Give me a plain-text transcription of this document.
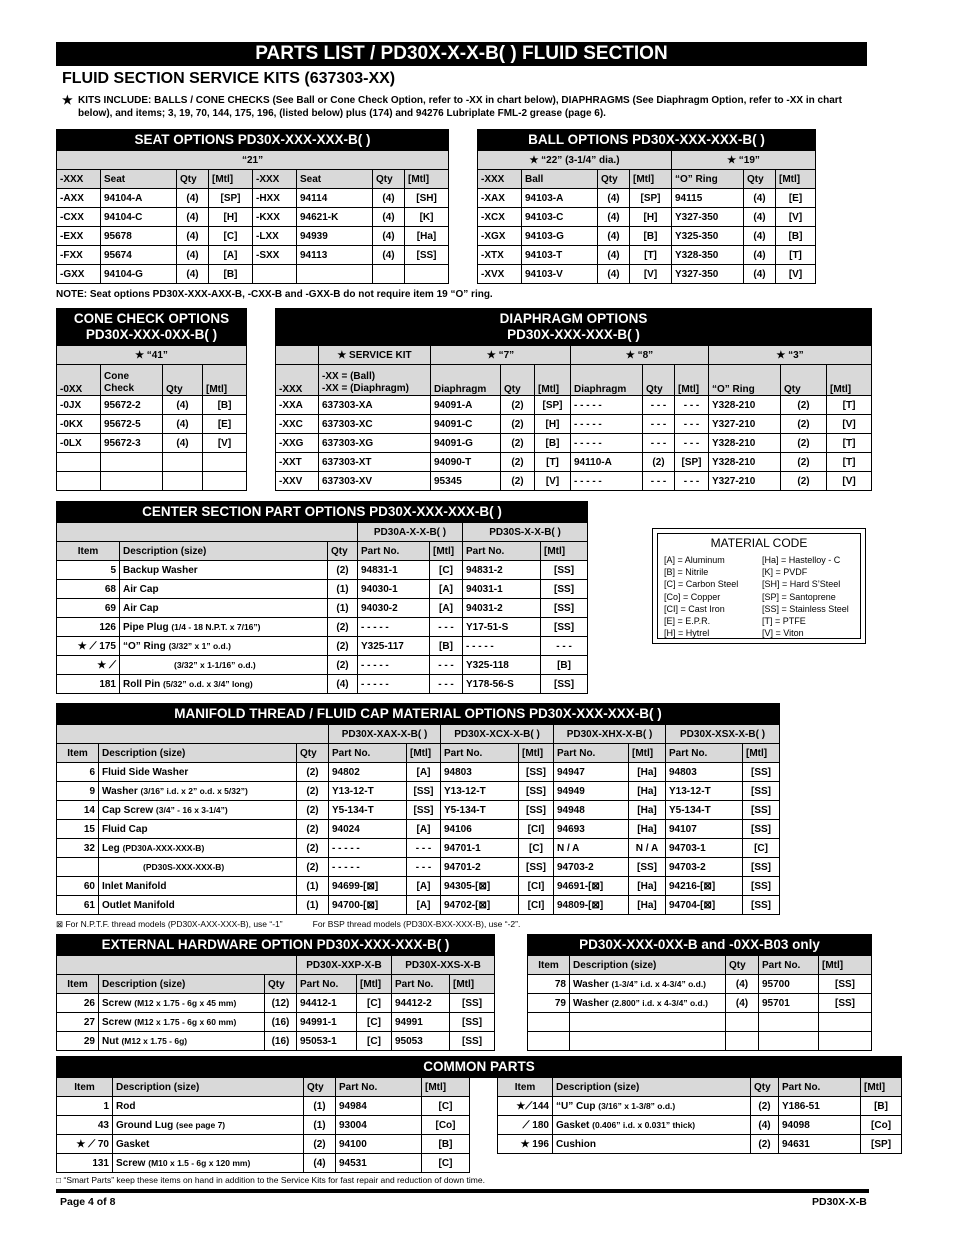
PARTS LIST / PD30X-X-X-B( ) FLUID SECTION
FLUID SECTION SERVICE KITS (637303-XX)
★ KITS INCLUDE: BALLS / CONE CHECKS (See Ball or Cone Check Option, refer to -XX in chart below), DIAPHRAGMS (See Diaphragm Option, refer to -XX in chart below), and items; 3, 19, 70, 144, 175, 196, (listed below) plus (174) and 94276 Lubriplate FML-2 grease (page 6).
SEAT OPTIONS PD30X-XXX-XXX-B( )							
“21”							
-XXX	Seat	Qty	[Mtl]	-XXX	Seat	Qty	[Mtl]
-AXX	94104-A	(4)	[SP]	-HXX	94114	(4)	[SH]
-CXX	94104-C	(4)	[H]	-KXX	94621-K	(4)	[K]
-EXX	95678	(4)	[C]	-LXX	94939	(4)	[Ha]
-FXX	95674	(4)	[A]	-SXX	94113	(4)	[SS]
-GXX	94104-G	(4)	[B]				
BALL OPTIONS PD30X-XXX-XXX-B( )						
★ “22” (3-1/4” dia.)				★ “19”		
-XXX	Ball	Qty	[Mtl]	“O” Ring	Qty	[Mtl]
-XAX	94103-A	(4)	[SP]	94115	(4)	[E]
-XCX	94103-C	(4)	[H]	Y327-350	(4)	[V]
-XGX	94103-G	(4)	[B]	Y325-350	(4)	[B]
-XTX	94103-T	(4)	[T]	Y328-350	(4)	[T]
-XVX	94103-V	(4)	[V]	Y327-350	(4)	[V]
NOTE: Seat options PD30X-XXX-AXX-B, -CXX-B and -GXX-B do not require item 19 “O” ring.
CONE CHECK OPTIONS
PD30X-XXX-0XX-B( )			
★ “41”			
-0XX	Cone Check	Qty	[Mtl]
-0JX	95672-2	(4)	[B]
-0KX	95672-5	(4)	[E]
-0LX	95672-3	(4)	[V]

DIAPHRAGM OPTIONS
PD30X-XXX-XXX-B( )										
	★ SERVICE KIT	★ “7”			★ “8”			★ “3”		
-XXX	-XX = (Ball)
-XX = (Diaphragm)	Diaphragm	Qty	[Mtl]	Diaphragm	Qty	[Mtl]	“O” Ring	Qty	[Mtl]
-XXA	637303-XA	94091-A	(2)	[SP]	- - - - -	- - -	- - -	Y328-210	(2)	[T]
-XXC	637303-XC	94091-C	(2)	[H]	- - - - -	- - -	- - -	Y327-210	(2)	[V]
-XXG	637303-XG	94091-G	(2)	[B]	- - - - -	- - -	- - -	Y328-210	(2)	[T]
-XXT	637303-XT	94090-T	(2)	[T]	94110-A	(2)	[SP]	Y328-210	(2)	[T]
-XXV	637303-XV	95345	(2)	[V]	- - - - -	- - -	- - -	Y327-210	(2)	[V]
CENTER SECTION PART OPTIONS PD30X-XXX-XXX-B( )						
			PD30A-X-X-B( )		PD30S-X-X-B( )	
Item	Description (size)	Qty	Part No.	[Mtl]	Part No.	[Mtl]
5	Backup Washer	(2)	94831-1	[C]	94831-2	[SS]
68	Air Cap	(1)	94030-1	[A]	94031-1	[SS]
69	Air Cap	(1)	94030-2	[A]	94031-2	[SS]
126	Pipe Plug (1/4 - 18 N.P.T. x 7/16”)	(2)	- - - - -	- - -	Y17-51-S	[SS]
★ ⟋ 175	“O” Ring (3/32” x 1” o.d.)	(2)	Y325-117	[B]	- - - - -	- - -
★ ⟋	(3/32” x 1-1/16” o.d.)	(2)	- - - - -	- - -	Y325-118	[B]
181	Roll Pin (5/32” o.d. x 3/4” long)	(4)	- - - - -	- - -	Y178-56-S	[SS]
MATERIAL CODE
[A] = Aluminum
[B] = Nitrile
[C] = Carbon Steel
[Co] = Copper
[CI] = Cast Iron
[E] = E.P.R.
[H] = Hytrel
[Ha] = Hastelloy - C
[K] = PVDF
[SH] = Hard S’Steel
[SP] = Santoprene
[SS] = Stainless Steel
[T] = PTFE
[V] = Viton
MANIFOLD THREAD / FLUID CAP MATERIAL OPTIONS PD30X-XXX-XXX-B( )										
			PD30X-XAX-X-B( )		PD30X-XCX-X-B( )		PD30X-XHX-X-B( )		PD30X-XSX-X-B( )	
Item	Description (size)	Qty	Part No.	[Mtl]	Part No.	[Mtl]	Part No.	[Mtl]	Part No.	[Mtl]
6	Fluid Side Washer	(2)	94802	[A]	94803	[SS]	94947	[Ha]	94803	[SS]
9	Washer (3/16” i.d. x 2” o.d. x 5/32”)	(2)	Y13-12-T	[SS]	Y13-12-T	[SS]	94949	[Ha]	Y13-12-T	[SS]
14	Cap Screw (3/4” - 16 x 3-1/4”)	(2)	Y5-134-T	[SS]	Y5-134-T	[SS]	94948	[Ha]	Y5-134-T	[SS]
15	Fluid Cap	(2)	94024	[A]	94106	[CI]	94693	[Ha]	94107	[SS]
32	Leg (PD30A-XXX-XXX-B)	(2)	- - - - -	- - -	94701-1	[C]	N / A	N / A	94703-1	[C]
	(PD30S-XXX-XXX-B)	(2)	- - - - -	- - -	94701-2	[SS]	94703-2	[SS]	94703-2	[SS]
60	Inlet Manifold	(1)	94699-[⊠]	[A]	94305-[⊠]	[CI]	94691-[⊠]	[Ha]	94216-[⊠]	[SS]
61	Outlet Manifold	(1)	94700-[⊠]	[A]	94702-[⊠]	[CI]	94809-[⊠]	[Ha]	94704-[⊠]	[SS]
⊠ For N.P.T.F. thread models (PD30X-AXX-XXX-B), use “-1”	For BSP thread models (PD30X-BXX-XXX-B), use “-2”.
EXTERNAL HARDWARE OPTION PD30X-XXX-XXX-B( )						
			PD30X-XXP-X-B		PD30X-XXS-X-B	
Item	Description (size)	Qty	Part No.	[Mtl]	Part No.	[Mtl]
26	Screw (M12 x 1.75 - 6g x 45 mm)	(12)	94412-1	[C]	94412-2	[SS]
27	Screw (M12 x 1.75 - 6g x 60 mm)	(16)	94991-1	[C]	94991	[SS]
29	Nut (M12 x 1.75 - 6g)	(16)	95053-1	[C]	95053	[SS]
PD30X-XXX-0XX-B and -0XX-B03 only				
Item	Description (size)	Qty	Part No.	[Mtl]
78	Washer (1-3/4” i.d. x 4-3/4” o.d.)	(4)	95700	[SS]
79	Washer (2.800” i.d. x 4-3/4” o.d.)	(4)	95701	[SS]

COMMON PARTS										
Item	Description (size)	Qty	Part No.	[Mtl]		Item	Description (size)	Qty	Part No.	[Mtl]
1	Rod	(1)	94984	[C]		★⟋144	“U” Cup (3/16” x 1-3/8” o.d.)	(2)	Y186-51	[B]
43	Ground Lug (see page 7)	(1)	93004	[Co]		⟋ 180	Gasket (0.406” i.d. x 0.031” thick)	(4)	94098	[Co]
★ ⟋ 70	Gasket	(2)	94100	[B]		★ 196	Cushion	(2)	94631	[SP]
131	Screw (M10 x 1.5 - 6g x 120 mm)	(4)	94531	[C]						
□ “Smart Parts” keep these items on hand in addition to the Service Kits for fast repair and reduction of down time.
Page 4 of 8	PD30X-X-B
